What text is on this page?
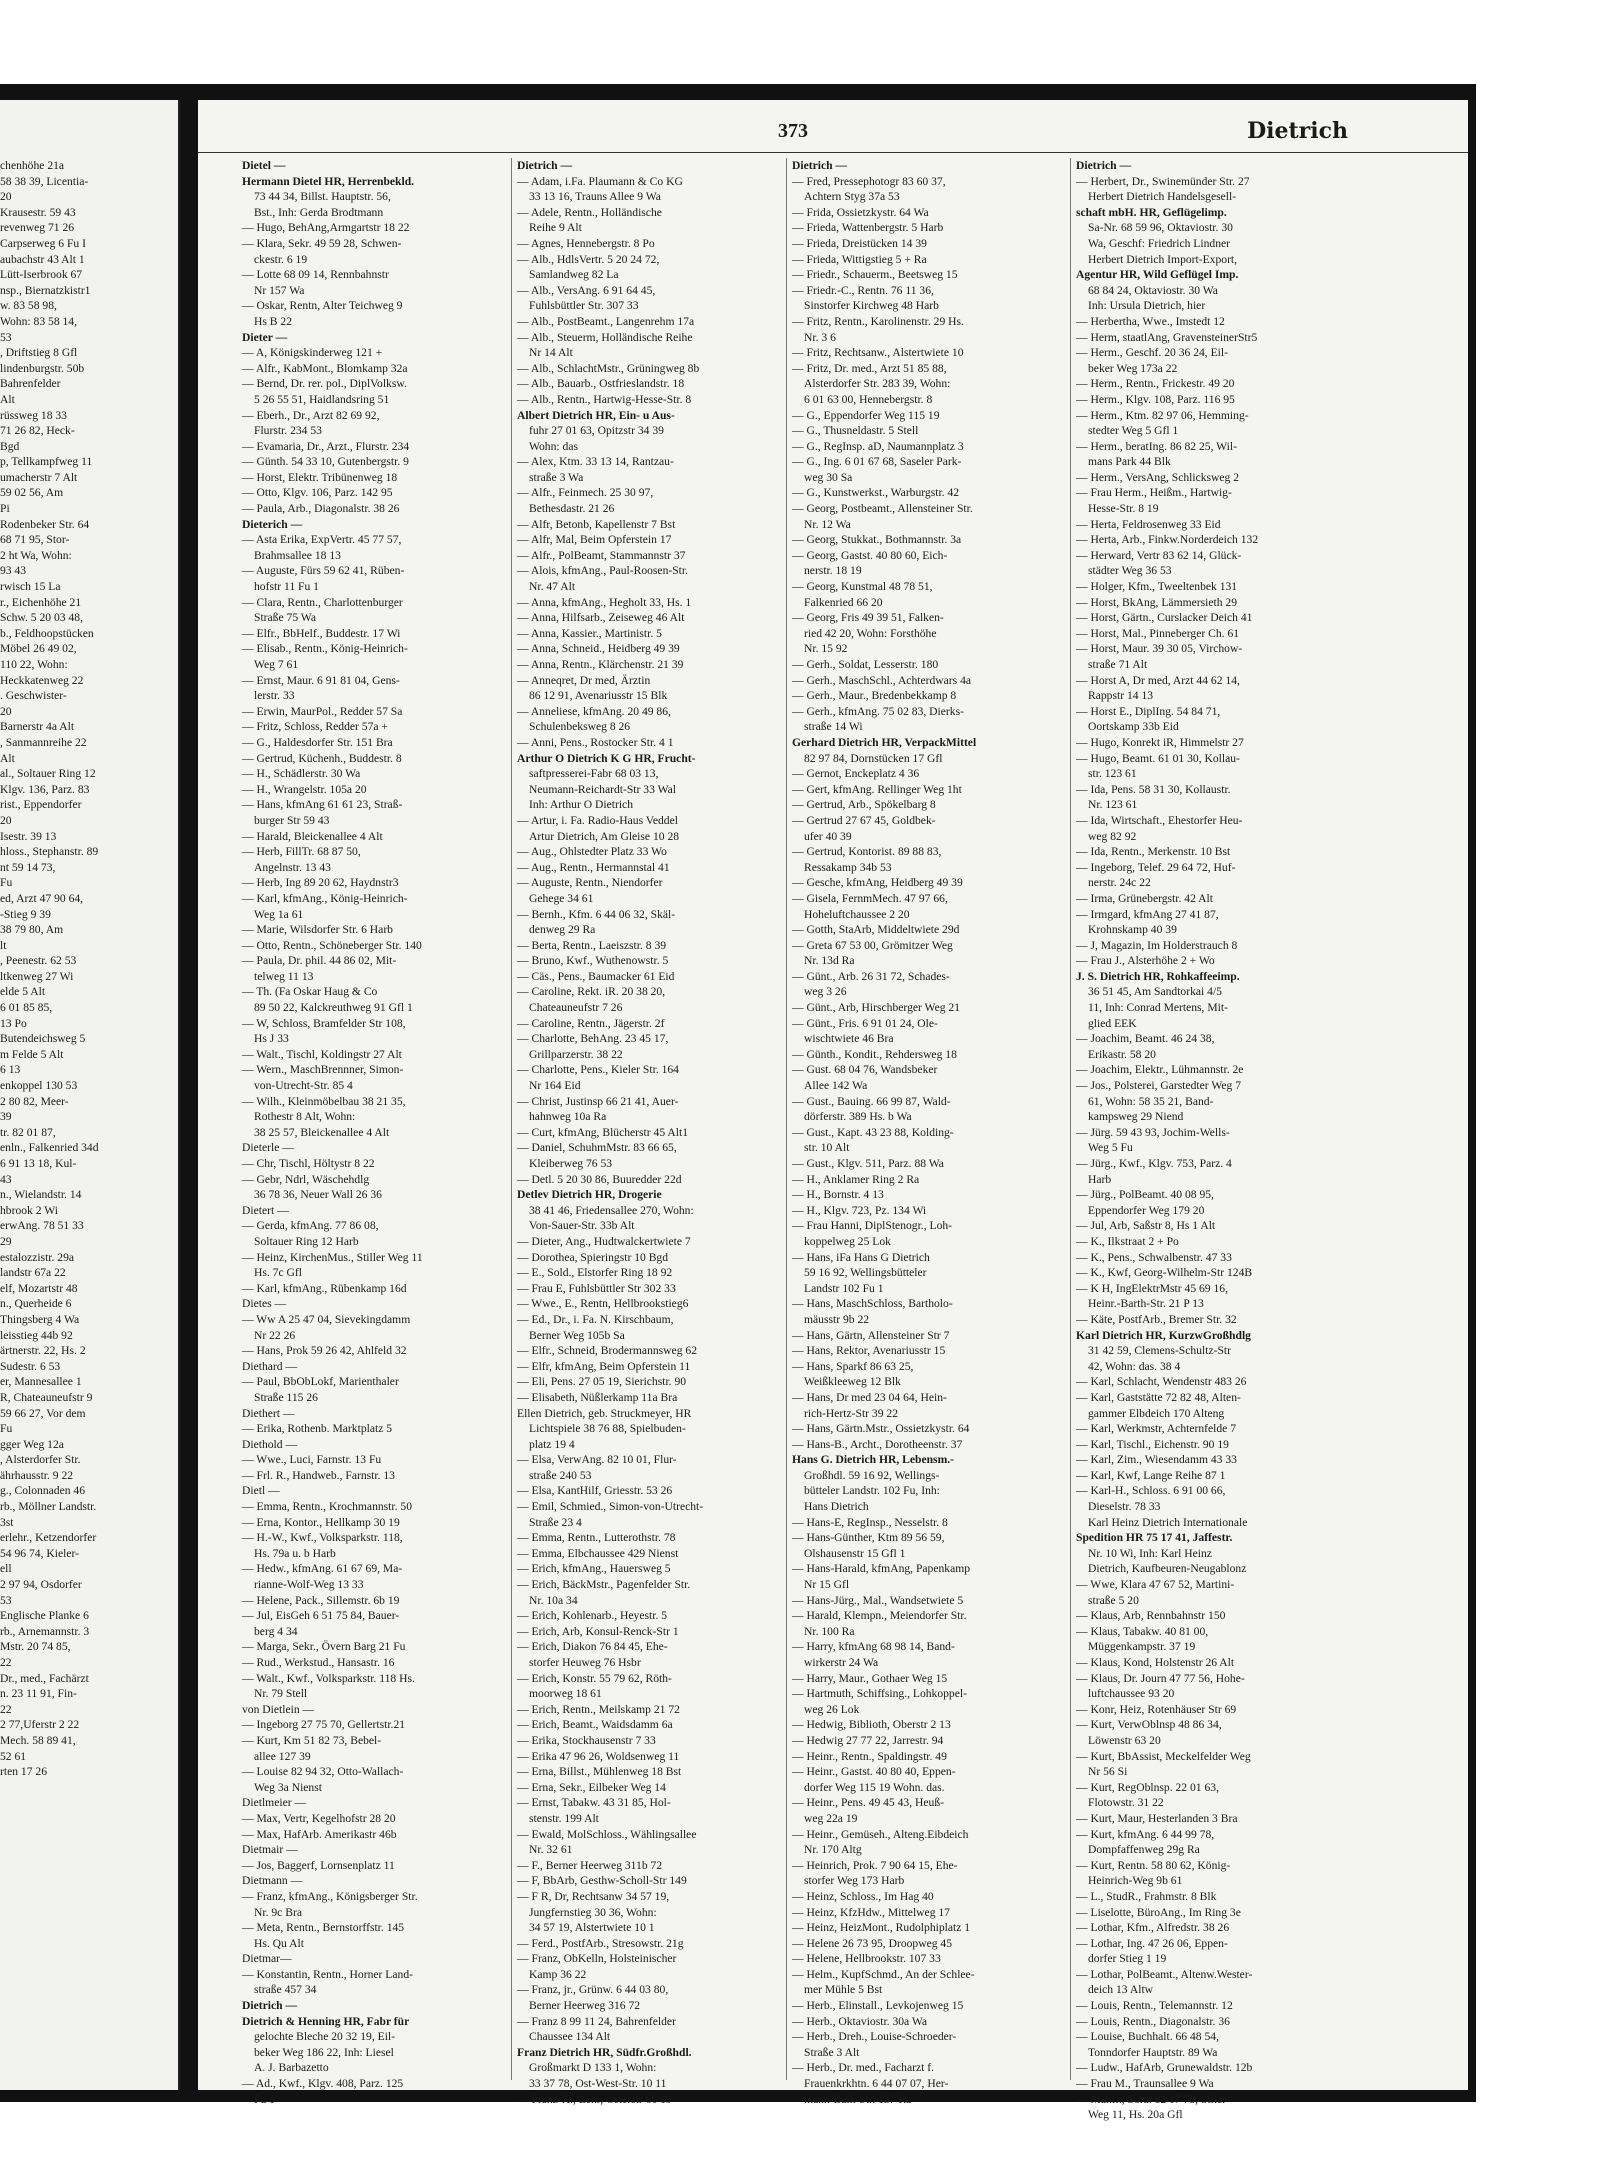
chenhöhe 21a
58 38 39, Licentia-
20
Krausestr. 59 43
revenweg 71 26
Carpserweg 6 Fu I
aubachstr 43 Alt 1
Lütt-Iserbrook 67
nsp., Biernatzkistr1
w. 83 58 98,
Wohn: 83 58 14,
53
, Driftstieg 8 Gfl
lindenburgstr. 50b
Bahrenfelder
Alt
rüssweg 18 33
71 26 82, Heck-
Bgd
p, Tellkampfweg 11
umacherstr 7 Alt
59 02 56, Am
Pi
Rodenbeker Str. 64
68 71 95, Stor-
2 ht Wa, Wohn:
93 43
rwisch 15 La
r., Eichenhöhe 21
Schw. 5 20 03 48,
b., Feldhoopstücken
Möbel 26 49 02,
110 22, Wohn:
Heckkatenweg 22
. Geschwister-
20
Barnerstr 4a Alt
, Sanmannreihe 22
Alt
al., Soltauer Ring 12
Klgv. 136, Parz. 83
rist., Eppendorfer
20
Isestr. 39 13
hloss., Stephanstr. 89
nt 59 14 73,
Fu
ed, Arzt 47 90 64,
-Stieg 9 39
38 79 80, Am
lt
, Peenestr. 62 53
ltkenweg 27 Wi
elde 5 Alt
6 01 85 85,
13 Po
Butendeichsweg 5
m Felde 5 Alt
6 13
enkoppel 130 53
2 80 82, Meer-
39
tr. 82 01 87,
enln., Falkenried 34d
6 91 13 18, Kul-
43
n., Wielandstr. 14
hbrook 2 Wi
erwAng. 78 51 33
29
estalozzistr. 29a
landstr 67a 22
elf, Mozartstr 48
n., Querheide 6
Thingsberg 4 Wa
leisstieg 44b 92
ärtnerstr. 22, Hs. 2
Sudestr. 6 53
er, Mannesallee 1
R, Chateauneufstr 9
59 66 27, Vor dem
Fu
gger Weg 12a
, Alsterdorfer Str.
ährhausstr. 9 22
g., Colonnaden 46
rb., Möllner Landstr.
3st
erlehr., Ketzendorfer
54 96 74, Kieler-
ell
2 97 94, Osdorfer
53
Englische Planke 6
rb., Arnemannstr. 3
Mstr. 20 74 85,
22
Dr., med., Fachärzt
n. 23 11 91, Fin-
22
2 77,Uferstr 2 22
Mech. 58 89 41,
52 61
rten 17 26
373	Dietrich
Dietel —
Hermann Dietel HR, Herrenbekld.
73 44 34, Billst. Hauptstr. 56,
Bst., Inh: Gerda Brodtmann
— Hugo, BehAng,Armgartstr 18 22
— Klara, Sekr. 49 59 28, Schwen-
ckestr. 6 19
— Lotte 68 09 14, Rennbahnstr
Nr 157 Wa
— Oskar, Rentn, Alter Teichweg 9
Hs B 22
Dieter —
— A, Königskinderweg 121 +
— Alfr., KabMont., Blomkamp 32a
— Bernd, Dr. rer. pol., DiplVolksw.
5 26 55 51, Haidlandsring 51
— Eberh., Dr., Arzt 82 69 92,
Flurstr. 234 53
— Evamaria, Dr., Arzt., Flurstr. 234
— Günth. 54 33 10, Gutenbergstr. 9
— Horst, Elektr. Tribünenweg 18
— Otto, Klgv. 106, Parz. 142 95
— Paula, Arb., Diagonalstr. 38 26
Dieterich —
— Asta Erika, ExpVertr. 45 77 57,
Brahmsallee 18 13
— Auguste, Fürs 59 62 41, Rüben-
hofstr 11 Fu 1
— Clara, Rentn., Charlottenburger
Straße 75 Wa
— Elfr., BbHelf., Buddestr. 17 Wi
— Elisab., Rentn., König-Heinrich-
Weg 7 61
— Ernst, Maur. 6 91 81 04, Gens-
lerstr. 33
— Erwin, MaurPol., Redder 57 Sa
— Fritz, Schloss, Redder 57a +
— G., Haldesdorfer Str. 151 Bra
— Gertrud, Küchenh., Buddestr. 8
— H., Schädlerstr. 30 Wa
— H., Wrangelstr. 105a 20
— Hans, kfmAng 61 61 23, Straß-
burger Str 59 43
— Harald, Bleickenallee 4 Alt
— Herb, FillTr. 68 87 50,
Angelnstr. 13 43
— Herb, Ing 89 20 62, Haydnstr3
— Karl, kfmAng., König-Heinrich-
Weg 1a 61
— Marie, Wilsdorfer Str. 6 Harb
— Otto, Rentn., Schöneberger Str. 140
— Paula, Dr. phil. 44 86 02, Mit-
telweg 11 13
— Th. (Fa Oskar Haug & Co
89 50 22, Kalckreuthweg 91 Gfl 1
— W, Schloss, Bramfelder Str 108,
Hs J 33
— Walt., Tischl, Koldingstr 27 Alt
— Wern., MaschBrennner, Simon-
von-Utrecht-Str. 85 4
— Wilh., Kleinmöbelbau 38 21 35,
Rothestr 8 Alt, Wohn:
38 25 57, Bleickenallee 4 Alt
Dieterle —
— Chr, Tischl, Höltystr 8 22
— Gebr, Ndrl, Wäschehdlg
36 78 36, Neuer Wall 26 36
Dietert —
— Gerda, kfmAng. 77 86 08,
Soltauer Ring 12 Harb
— Heinz, KirchenMus., Stiller Weg 11
Hs. 7c Gfl
— Karl, kfmAng., Rübenkamp 16d
Dietes —
— Ww A 25 47 04, Sievekingdamm
Nr 22 26
— Hans, Prok 59 26 42, Ahlfeld 32
Diethard —
— Paul, BbObLokf, Marienthaler
Straße 115 26
Diethert —
— Erika, Rothenb. Marktplatz 5
Diethold —
— Wwe., Luci, Farnstr. 13 Fu
— Frl. R., Handweb., Farnstr. 13
Dietl —
— Emma, Rentn., Krochmannstr. 50
— Erna, Kontor., Hellkamp 30 19
— H.-W., Kwf., Volksparkstr. 118,
Hs. 79a u. b Harb
— Hedw., kfmAng. 61 67 69, Ma-
rianne-Wolf-Weg 13 33
— Helene, Pack., Sillemstr. 6b 19
— Jul, EisGeh 6 51 75 84, Bauer-
berg 4 34
— Marga, Sekr., Övern Barg 21 Fu
— Rud., Werkstud., Hansastr. 16
— Walt., Kwf., Volksparkstr. 118 Hs.
Nr. 79 Stell
von Dietlein —
— Ingeborg 27 75 70, Gellertstr.21
— Kurt, Km 51 82 73, Bebel-
allee 127 39
— Louise 82 94 32, Otto-Wallach-
Weg 3a Nienst
Dietlmeier —
— Max, Vertr, Kegelhofstr 28 20
— Max, HafArb. Amerikastr 46b
Dietmair —
— Jos, Baggerf, Lornsenplatz 11
Dietmann —
— Franz, kfmAng., Königsberger Str.
Nr. 9c Bra
— Meta, Rentn., Bernstorffstr. 145
Hs. Qu Alt
Dietmar—
— Konstantin, Rentn., Horner Land-
straße 457 34
Dietrich —
Dietrich & Henning HR, Fabr für
gelochte Bleche 20 32 19, Eil-
beker Weg 186 22, Inh: Liesel
A. J. Barbazetto
— Ad., Kwf., Klgv. 408, Parz. 125
Fu 1
Dietrich —
— Adam, i.Fa. Plaumann & Co KG
33 13 16, Trauns Allee 9 Wa
— Adele, Rentn., Holländische
Reihe 9 Alt
— Agnes, Hennebergstr. 8 Po
— Alb., HdlsVertr. 5 20 24 72,
Samlandweg 82 La
— Alb., VersAng. 6 91 64 45,
Fuhlsbüttler Str. 307 33
— Alb., PostBeamt., Langenrehm 17a
— Alb., Steuerm, Holländische Reihe
Nr 14 Alt
— Alb., SchlachtMstr., Grüningweg 8b
— Alb., Bauarb., Ostfrieslandstr. 18
— Alb., Rentn., Hartwig-Hesse-Str. 8
Albert Dietrich HR, Ein- u Aus-
fuhr 27 01 63, Opitzstr 34 39
Wohn: das
— Alex, Ktm. 33 13 14, Rantzau-
straße 3 Wa
— Alfr., Feinmech. 25 30 97,
Bethesdastr. 21 26
— Alfr, Betonb, Kapellenstr 7 Bst
— Alfr, Mal, Beim Opferstein 17
— Alfr., PolBeamt, Stammannstr 37
— Alois, kfmAng., Paul-Roosen-Str.
Nr. 47 Alt
— Anna, kfmAng., Hegholt 33, Hs. 1
— Anna, Hilfsarb., Zeiseweg 46 Alt
— Anna, Kassier., Martinistr. 5
— Anna, Schneid., Heidberg 49 39
— Anna, Rentn., Klärchenstr. 21 39
— Anneqret, Dr med, Ärztin
86 12 91, Avenariusstr 15 Blk
— Anneliese, kfmAng. 20 49 86,
Schulenbeksweg 8 26
— Anni, Pens., Rostocker Str. 4 1
Arthur O Dietrich K G HR, Frucht-
saftpresserei-Fabr 68 03 13,
Neumann-Reichardt-Str 33 Wal
Inh: Arthur O Dietrich
— Artur, i. Fa. Radio-Haus Veddel
Artur Dietrich, Am Gleise 10 28
— Aug., Ohlstedter Platz 33 Wo
— Aug., Rentn., Hermannstal 41
— Auguste, Rentn., Niendorfer
Gehege 34 61
— Bernh., Kfm. 6 44 06 32, Skäl-
denweg 29 Ra
— Berta, Rentn., Laeiszstr. 8 39
— Bruno, Kwf., Wuthenowstr. 5
— Cäs., Pens., Baumacker 61 Eid
— Caroline, Rekt. iR. 20 38 20,
Chateauneufstr 7 26
— Caroline, Rentn., Jägerstr. 2f
— Charlotte, BehAng. 23 45 17,
Grillparzerstr. 38 22
— Charlotte, Pens., Kieler Str. 164
Nr 164 Eid
— Christ, Justinsp 66 21 41, Auer-
hahnweg 10a Ra
— Curt, kfmAng, Blücherstr 45 Alt1
— Daniel, SchuhmMstr. 83 66 65,
Kleiberweg 76 53
— Detl. 5 20 30 86, Buuredder 22d
Detlev Dietrich HR, Drogerie
38 41 46, Friedensallee 270, Wohn:
Von-Sauer-Str. 33b Alt
— Dieter, Ang., Hudtwalckertwiete 7
— Dorothea, Spieringstr 10 Bgd
— E., Sold., Elstorfer Ring 18 92
— Frau E, Fuhlsbüttler Str 302 33
— Wwe., E., Rentn, Hellbrookstieg6
— Ed., Dr., i. Fa. N. Kirschbaum,
Berner Weg 105b Sa
— Elfr., Schneid, Brodermannsweg 62
— Elfr, kfmAng, Beim Opferstein 11
— Eli, Pens. 27 05 19, Sierichstr. 90
— Elisabeth, Nüßlerkamp 11a Bra
Ellen Dietrich, geb. Struckmeyer, HR
Lichtspiele 38 76 88, Spielbuden-
platz 19 4
— Elsa, VerwAng. 82 10 01, Flur-
straße 240 53
— Elsa, KantHilf, Griesstr. 53 26
— Emil, Schmied., Simon-von-Utrecht-
Straße 23 4
— Emma, Rentn., Lutterothstr. 78
— Emma, Elbchaussee 429 Nienst
— Erich, kfmAng., Hauersweg 5
— Erich, BäckMstr., Pagenfelder Str.
Nr. 10a 34
— Erich, Kohlenarb., Heyestr. 5
— Erich, Arb, Konsul-Renck-Str 1
— Erich, Diakon 76 84 45, Ehe-
storfer Heuweg 76 Hsbr
— Erich, Konstr. 55 79 62, Röth-
moorweg 18 61
— Erich, Rentn., Meilskamp 21 72
— Erich, Beamt., Waidsdamm 6a
— Erika, Stockhausenstr 7 33
— Erika 47 96 26, Woldsenweg 11
— Erna, Billst., Mühlenweg 18 Bst
— Erna, Sekr., Eilbeker Weg 14
— Ernst, Tabakw. 43 31 85, Hol-
stenstr. 199 Alt
— Ewald, MolSchloss., Wählingsallee
Nr. 32 61
— F., Berner Heerweg 311b 72
— F, BbArb, Gesthw-Scholl-Str 149
— F R, Dr, Rechtsanw 34 57 19,
Jungfernstieg 30 36, Wohn:
34 57 19, Alstertwiete 10 1
— Ferd., PostfArb., Stresowstr. 21g
— Franz, ObKelln, Holsteinischer
Kamp 36 22
— Franz, jr., Grünw. 6 44 03 80,
Berner Heerweg 316 72
— Franz 8 99 11 24, Bahrenfelder
Chaussee 134 Alt
Franz Dietrich HR, Südfr.Großhdl.
Großmarkt D 133 1, Wohn:
33 37 78, Ost-West-Str. 10 11
— Franz-X., Lehr, Osterstr 66 19
Dietrich —
— Fred, Pressephotogr 83 60 37,
Achtern Styg 37a 53
— Frida, Ossietzkystr. 64 Wa
— Frieda, Wattenbergstr. 5 Harb
— Frieda, Dreistücken 14 39
— Frieda, Wittigstieg 5 + Ra
— Friedr., Schauerm., Beetsweg 15
— Friedr.-C., Rentn. 76 11 36,
Sinstorfer Kirchweg 48 Harb
— Fritz, Rentn., Karolinenstr. 29 Hs.
Nr. 3 6
— Fritz, Rechtsanw., Alstertwiete 10
— Fritz, Dr. med., Arzt 51 85 88,
Alsterdorfer Str. 283 39, Wohn:
6 01 63 00, Hennebergstr. 8
— G., Eppendorfer Weg 115 19
— G., Thusneldastr. 5 Stell
— G., RegInsp. aD, Naumannplatz 3
— G., Ing. 6 01 67 68, Saseler Park-
weg 30 Sa
— G., Kunstwerkst., Warburgstr. 42
— Georg, Postbeamt., Allensteiner Str.
Nr. 12 Wa
— Georg, Stukkat., Bothmannstr. 3a
— Georg, Gastst. 40 80 60, Eich-
nerstr. 18 19
— Georg, Kunstmal 48 78 51,
Falkenried 66 20
— Georg, Fris 49 39 51, Falken-
ried 42 20, Wohn: Forsthöhe
Nr. 15 92
— Gerh., Soldat, Lesserstr. 180
— Gerh., MaschSchl., Achterdwars 4a
— Gerh., Maur., Bredenbekkamp 8
— Gerh., kfmAng. 75 02 83, Dierks-
straße 14 Wi
Gerhard Dietrich HR, VerpackMittel
82 97 84, Dornstücken 17 Gfl
— Gernot, Enckeplatz 4 36
— Gert, kfmAng. Rellinger Weg 1ht
— Gertrud, Arb., Spökelbarg 8
— Gertrud 27 67 45, Goldbek-
ufer 40 39
— Gertrud, Kontorist. 89 88 83,
Ressakamp 34b 53
— Gesche, kfmAng, Heidberg 49 39
— Gisela, FernmMech. 47 97 66,
Hoheluftchaussee 2 20
— Gotth, StaArb, Middeltwiete 29d
— Greta 67 53 00, Grömitzer Weg
Nr. 13d Ra
— Günt., Arb. 26 31 72, Schades-
weg 3 26
— Günt., Arb, Hirschberger Weg 21
— Günt., Fris. 6 91 01 24, Ole-
wischtwiete 46 Bra
— Günth., Kondit., Rehdersweg 18
— Gust. 68 04 76, Wandsbeker
Allee 142 Wa
— Gust., Bauing. 66 99 87, Wald-
dörferstr. 389 Hs. b Wa
— Gust., Kapt. 43 23 88, Kolding-
str. 10 Alt
— Gust., Klgv. 511, Parz. 88 Wa
— H., Anklamer Ring 2 Ra
— H., Bornstr. 4 13
— H., Klgv. 723, Pz. 134 Wi
— Frau Hanni, DiplStenogr., Loh-
koppelweg 25 Lok
— Hans, iFa Hans G Dietrich
59 16 92, Wellingsbütteler
Landstr 102 Fu 1
— Hans, MaschSchloss, Bartholo-
mäusstr 9b 22
— Hans, Gärtn, Allensteiner Str 7
— Hans, Rektor, Avenariusstr 15
— Hans, Sparkf 86 63 25,
Weißkleeweg 12 Blk
— Hans, Dr med 23 04 64, Hein-
rich-Hertz-Str 39 22
— Hans, Gärtn.Mstr., Ossietzkystr. 64
— Hans-B., Archt., Dorotheenstr. 37
Hans G. Dietrich HR, Lebensm.-
Großhdl. 59 16 92, Wellings-
bütteler Landstr. 102 Fu, Inh:
Hans Dietrich
— Hans-E, RegInsp., Nesselstr. 8
— Hans-Günther, Ktm 89 56 59,
Olshausenstr 15 Gfl 1
— Hans-Harald, kfmAng, Papenkamp
Nr 15 Gfl
— Hans-Jürg., Mal., Wandsetwiete 5
— Harald, Klempn., Meiendorfer Str.
Nr. 100 Ra
— Harry, kfmAng 68 98 14, Band-
wirkerstr 24 Wa
— Harry, Maur., Gothaer Weg 15
— Hartmuth, Schiffsing., Lohkoppel-
weg 26 Lok
— Hedwig, Biblioth, Oberstr 2 13
— Hedwig 27 77 22, Jarrestr. 94
— Heinr., Rentn., Spaldingstr. 49
— Heinr., Gastst. 40 80 40, Eppen-
dorfer Weg 115 19 Wohn. das.
— Heinr., Pens. 49 45 43, Heuß-
weg 22a 19
— Heinr., Gemüseh., Alteng.Eibdeich
Nr. 170 Altg
— Heinrich, Prok. 7 90 64 15, Ehe-
storfer Weg 173 Harb
— Heinz, Schloss., Im Hag 40
— Heinz, KfzHdw., Mittelweg 17
— Heinz, HeizMont., Rudolphiplatz 1
— Helene 26 73 95, Droopweg 45
— Helene, Hellbrookstr. 107 33
— Helm., KupfSchmd., An der Schlee-
mer Mühle 5 Bst
— Herb., Elinstall., Levkojenweg 15
— Herb., Oktaviostr. 30a Wa
— Herb., Dreh., Louise-Schroeder-
Straße 3 Alt
— Herb., Dr. med., Facharzt f.
Frauenkrkhtn. 6 44 07 07, Her-
mann-Balk-Str. 137 Ra
Dietrich —
— Herbert, Dr., Swinemünder Str. 27
Herbert Dietrich Handelsgesell-
schaft mbH. HR, Geflügelimp.
Sa-Nr. 68 59 96, Oktaviostr. 30
Wa, Geschf: Friedrich Lindner
Herbert Dietrich Import-Export,
Agentur HR, Wild Geflügel Imp.
68 84 24, Oktaviostr. 30 Wa
Inh: Ursula Dietrich, hier
— Herbertha, Wwe., Imstedt 12
— Herm, staatlAng, GravensteinerStr5
— Herm., Geschf. 20 36 24, Eil-
beker Weg 173a 22
— Herm., Rentn., Frickestr. 49 20
— Herm., Klgv. 108, Parz. 116 95
— Herm., Ktm. 82 97 06, Hemming-
stedter Weg 5 Gfl 1
— Herm., beratIng. 86 82 25, Wil-
mans Park 44 Blk
— Herm., VersAng, Schlicksweg 2
— Frau Herm., Heißm., Hartwig-
Hesse-Str. 8 19
— Herta, Feldrosenweg 33 Eid
— Herta, Arb., Finkw.Norderdeich 132
— Herward, Vertr 83 62 14, Glück-
städter Weg 36 53
— Holger, Kfm., Tweeltenbek 131
— Horst, BkAng, Lämmersieth 29
— Horst, Gärtn., Curslacker Deich 41
— Horst, Mal., Pinneberger Ch. 61
— Horst, Maur. 39 30 05, Virchow-
straße 71 Alt
— Horst A, Dr med, Arzt 44 62 14,
Rappstr 14 13
— Horst E., DiplIng. 54 84 71,
Oortskamp 33b Eid
— Hugo, Konrekt iR, Himmelstr 27
— Hugo, Beamt. 61 01 30, Kollau-
str. 123 61
— Ida, Pens. 58 31 30, Kollaustr.
Nr. 123 61
— Ida, Wirtschaft., Ehestorfer Heu-
weg 82 92
— Ida, Rentn., Merkenstr. 10 Bst
— Ingeborg, Telef. 29 64 72, Huf-
nerstr. 24c 22
— Irma, Grünebergstr. 42 Alt
— Irmgard, kfmAng 27 41 87,
Krohnskamp 40 39
— J, Magazin, Im Holderstrauch 8
— Frau J., Alsterhöhe 2 + Wo
J. S. Dietrich HR, Rohkaffeeimp.
36 51 45, Am Sandtorkai 4/5
11, Inh: Conrad Mertens, Mit-
glied EEK
— Joachim, Beamt. 46 24 38,
Erikastr. 58 20
— Joachim, Elektr., Lühmannstr. 2e
— Jos., Polsterei, Garstedter Weg 7
61, Wohn: 58 35 21, Band-
kampsweg 29 Niend
— Jürg. 59 43 93, Jochim-Wells-
Weg 5 Fu
— Jürg., Kwf., Klgv. 753, Parz. 4
Harb
— Jürg., PolBeamt. 40 08 95,
Eppendorfer Weg 179 20
— Jul, Arb, Saßstr 8, Hs 1 Alt
— K., Ilkstraat 2 + Po
— K., Pens., Schwalbenstr. 47 33
— K., Kwf, Georg-Wilhelm-Str 124B
— K H, IngElektrMstr 45 69 16,
Heinr.-Barth-Str. 21 P 13
— Käte, PostfArb., Bremer Str. 32
Karl Dietrich HR, KurzwGroßhdlg
31 42 59, Clemens-Schultz-Str
42, Wohn: das. 38 4
— Karl, Schlacht, Wendenstr 483 26
— Karl, Gaststätte 72 82 48, Alten-
gammer Elbdeich 170 Alteng
— Karl, Werkmstr, Achternfelde 7
— Karl, Tischl., Eichenstr. 90 19
— Karl, Zim., Wiesendamm 43 33
— Karl, Kwf, Lange Reihe 87 1
— Karl-H., Schloss. 6 91 00 66,
Dieselstr. 78 33
Karl Heinz Dietrich Internationale
Spedition HR 75 17 41, Jaffestr.
Nr. 10 Wi, Inh: Karl Heinz
Dietrich, Kaufbeuren-Neugablonz
— Wwe, Klara 47 67 52, Martini-
straße 5 20
— Klaus, Arb, Rennbahnstr 150
— Klaus, Tabakw. 40 81 00,
Müggenkampstr. 37 19
— Klaus, Kond, Holstenstr 26 Alt
— Klaus, Dr. Journ 47 77 56, Hohe-
luftchaussee 93 20
— Konr, Heiz, Rotenhäuser Str 69
— Kurt, VerwOblnsp 48 86 34,
Löwenstr 63 20
— Kurt, BbAssist, Meckelfelder Weg
Nr 56 Si
— Kurt, RegOblnsp. 22 01 63,
Flotowstr. 31 22
— Kurt, Maur, Hesterlanden 3 Bra
— Kurt, kfmAng. 6 44 99 78,
Dompfaffenweg 29g Ra
— Kurt, Rentn. 58 80 62, König-
Heinrich-Weg 9b 61
— L., StudR., Frahmstr. 8 Blk
— Liselotte, BüroAng., Im Ring 3e
— Lothar, Kfm., Alfredstr. 38 26
— Lothar, Ing. 47 26 06, Eppen-
dorfer Stieg 1 19
— Lothar, PolBeamt., Altenw.Wester-
deich 13 Altw
— Louis, Rentn., Telemannstr. 12
— Louis, Rentn., Diagonalstr. 36
— Louise, Buchhalt. 66 48 54,
Tonndorfer Hauptstr. 89 Wa
— Ludw., HafArb, Grunewaldstr. 12b
— Frau M., Traunsallee 9 Wa
— Manfr., Sold. 82 17 78, Stiler
Weg 11, Hs. 20a Gfl
